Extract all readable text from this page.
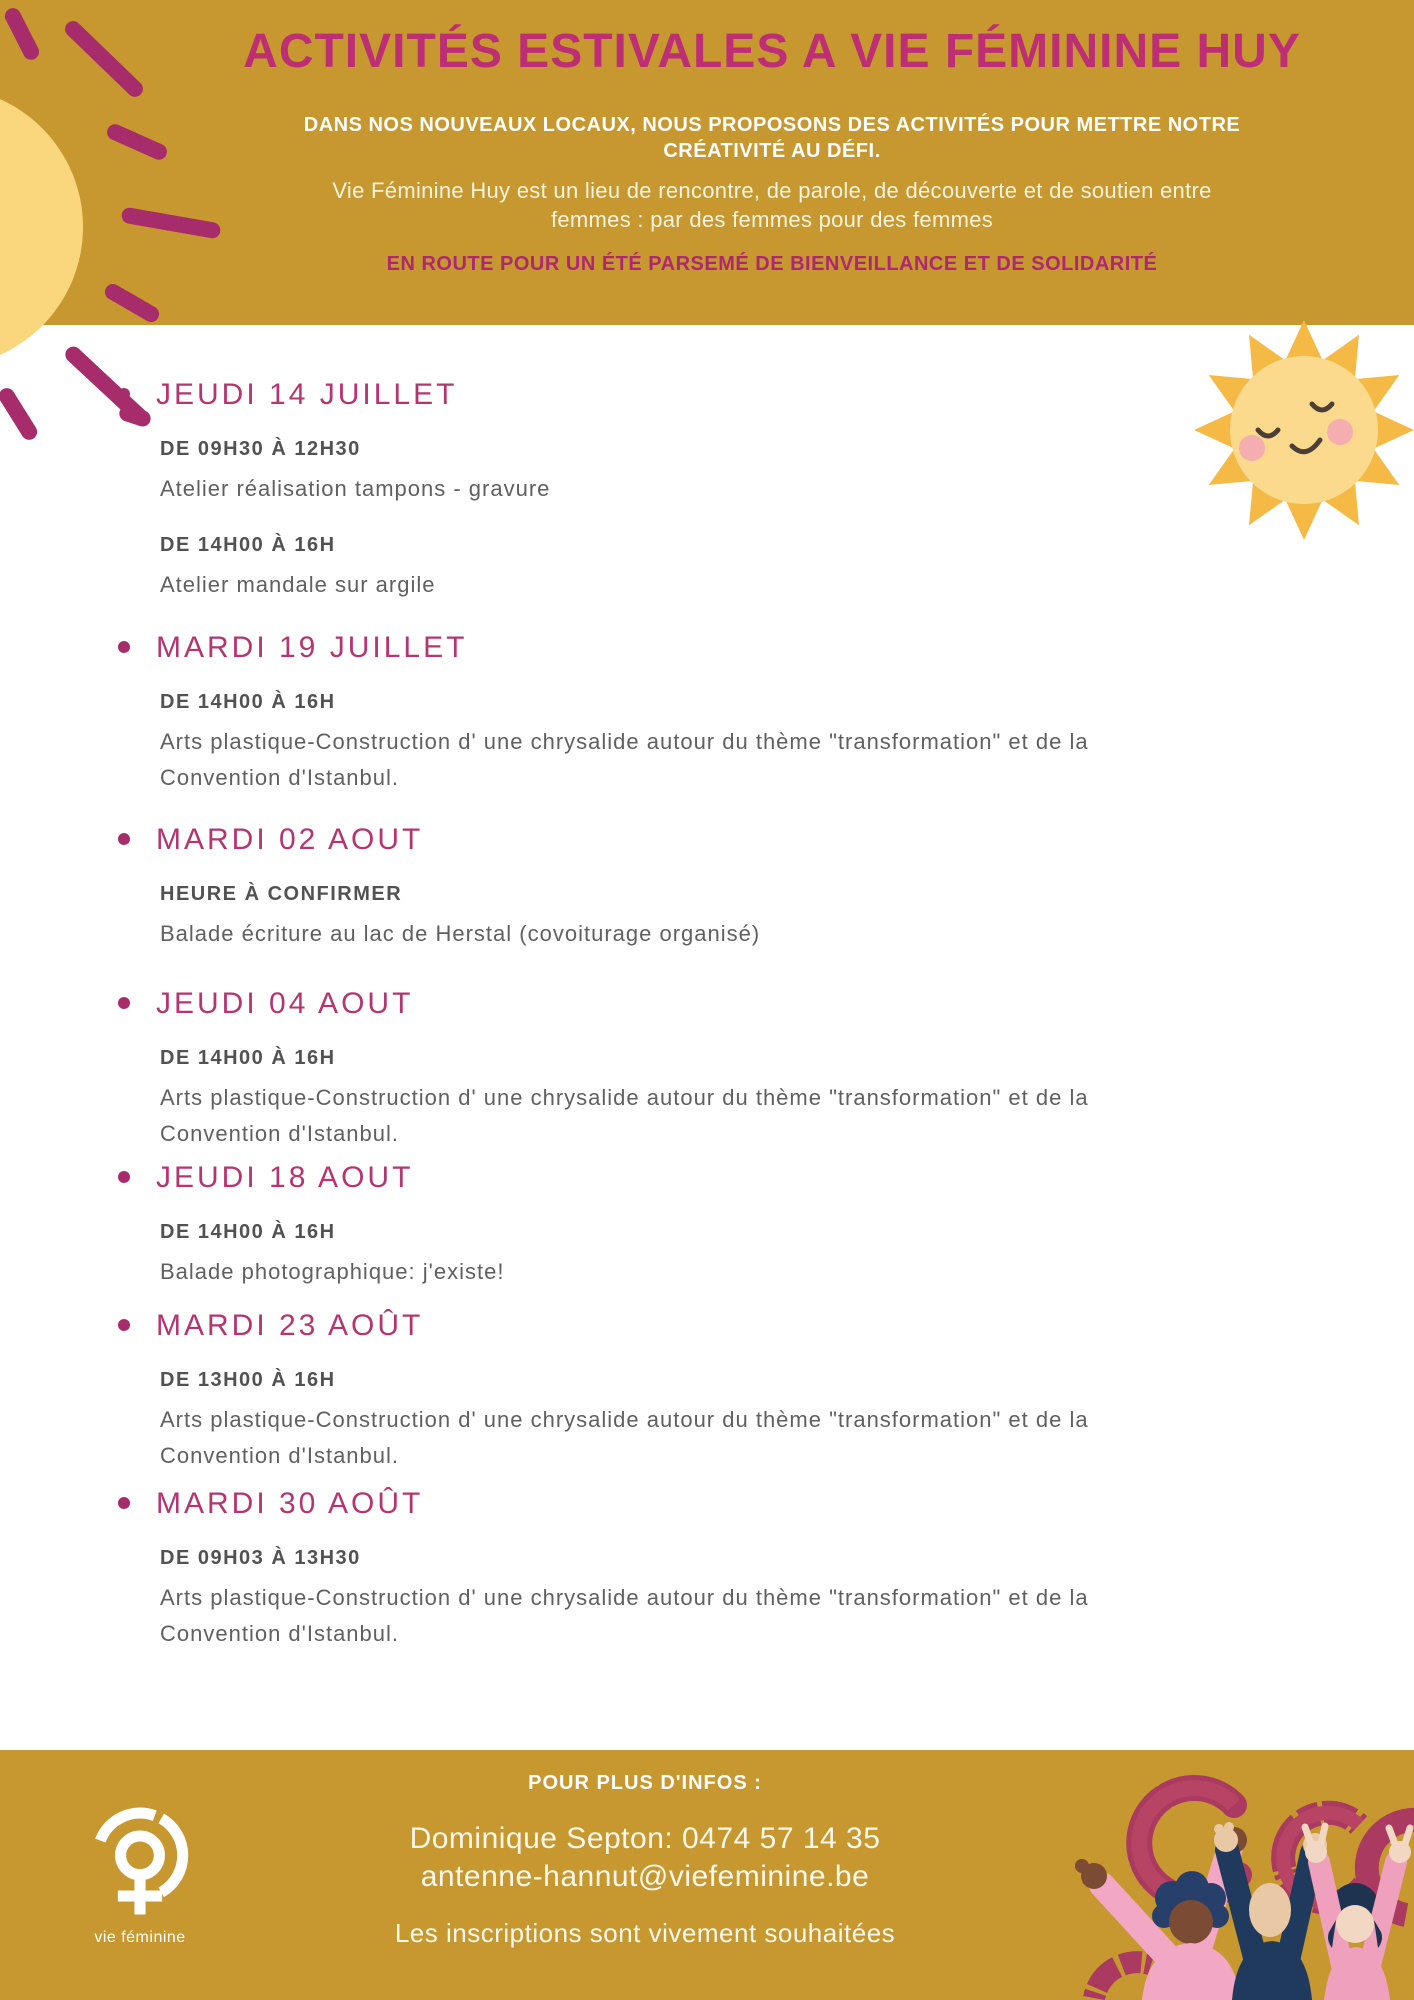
ACTIVITÉS ESTIVALES A VIE FÉMININE HUY

DANS NOS NOUVEAUX LOCAUX, NOUS PROPOSONS DES ACTIVITÉS POUR METTRE NOTRE CRÉATIVITÉ AU DÉFI.

Vie Féminine Huy est un lieu de rencontre, de parole, de découverte et de soutien entre femmes : par des femmes pour des femmes

EN ROUTE POUR UN ÉTÉ PARSEMÉ DE BIENVEILLANCE ET DE SOLIDARITÉ

JEUDI 14 JUILLET
DE 09H30 À 12H30
Atelier réalisation tampons - gravure
DE 14H00 À 16H
Atelier mandale sur argile
MARDI 19 JUILLET
DE 14H00 À 16H
Arts plastique-Construction d' une chrysalide autour du thème "transformation" et de la
Convention d'Istanbul.
MARDI 02 AOUT
HEURE À CONFIRMER
Balade écriture au lac de Herstal (covoiturage organisé)
JEUDI 04 AOUT
DE 14H00 À 16H
Arts plastique-Construction d' une chrysalide autour du thème "transformation" et de la
Convention d'Istanbul.
JEUDI 18 AOUT
DE 14H00 À 16H
Balade photographique: j'existe!
MARDI 23 AOÛT
DE 13H00 À 16H
Arts plastique-Construction d' une chrysalide autour du thème "transformation" et de la
Convention d'Istanbul.
MARDI 30 AOÛT
DE 09H03 À 13H30
Arts plastique-Construction d' une chrysalide autour du thème "transformation" et de la
Convention d'Istanbul.
vie féminine

POUR PLUS D'INFOS :

Dominique Septon: 0474 57 14 35

antenne-hannut@viefeminine.be

Les inscriptions sont vivement souhaitées
